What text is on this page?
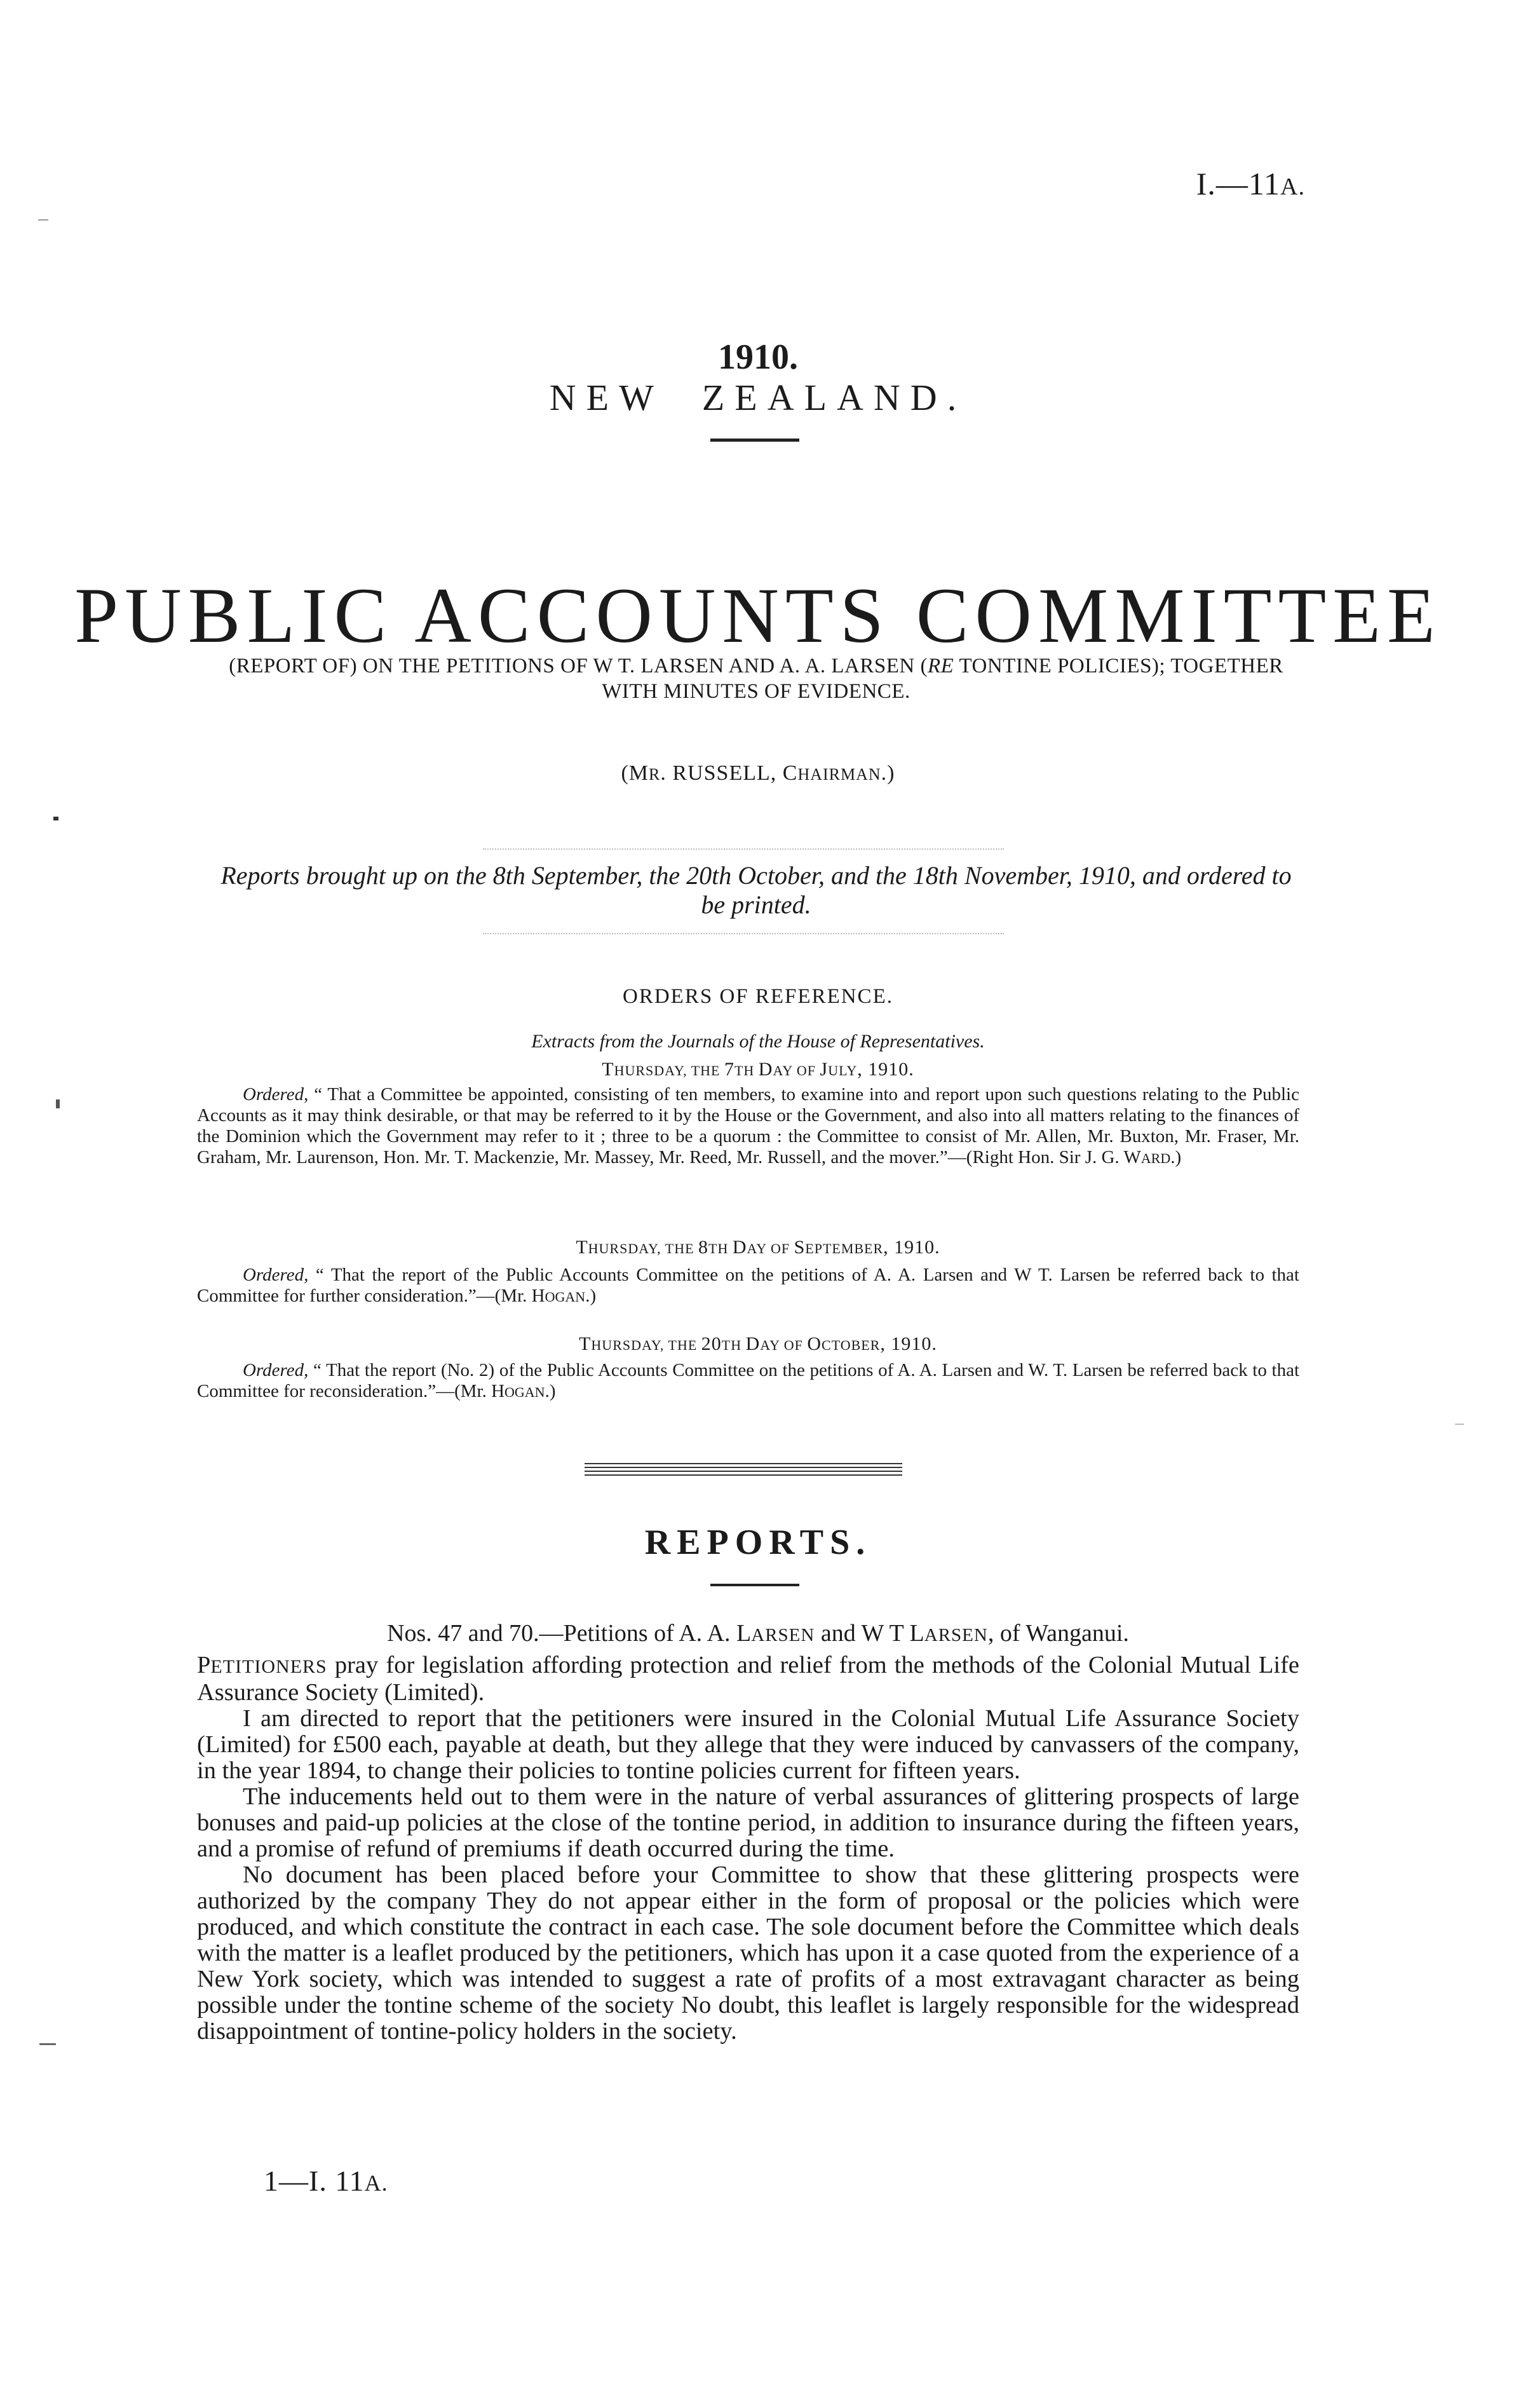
I.—11A.
1910.
NEW ZEALAND.
PUBLIC ACCOUNTS COMMITTEE
(REPORT OF) ON THE PETITIONS OF W T. LARSEN AND A. A. LARSEN (RE TONTINE POLICIES); TOGETHER WITH MINUTES OF EVIDENCE.
(MR. RUSSELL, CHAIRMAN.)
Reports brought up on the 8th September, the 20th October, and the 18th November, 1910, and ordered to be printed.
ORDERS OF REFERENCE.
Extracts from the Journals of the House of Representatives.
THURSDAY, THE 7TH DAY OF JULY, 1910.
Ordered, “ That a Committee be appointed, consisting of ten members, to examine into and report upon such questions relating to the Public Accounts as it may think desirable, or that may be referred to it by the House or the Government, and also into all matters relating to the finances of the Dominion which the Government may refer to it ; three to be a quorum : the Committee to consist of Mr. Allen, Mr. Buxton, Mr. Fraser, Mr. Graham, Mr. Laurenson, Hon. Mr. T. Mackenzie, Mr. Massey, Mr. Reed, Mr. Russell, and the mover.”—(Right Hon. Sir J. G. WARD.)
THURSDAY, THE 8TH DAY OF SEPTEMBER, 1910.
Ordered, “ That the report of the Public Accounts Committee on the petitions of A. A. Larsen and W T. Larsen be referred back to that Committee for further consideration.”—(Mr. HOGAN.)
THURSDAY, THE 20TH DAY OF OCTOBER, 1910.
Ordered, “ That the report (No. 2) of the Public Accounts Committee on the petitions of A. A. Larsen and W. T. Larsen be referred back to that Committee for reconsideration.”—(Mr. HOGAN.)
REPORTS.
Nos. 47 and 70.—Petitions of A. A. LARSEN and W T LARSEN, of Wanganui.

PETITIONERS pray for legislation affording protection and relief from the methods of the Colonial Mutual Life Assurance Society (Limited).

I am directed to report that the petitioners were insured in the Colonial Mutual Life Assurance Society (Limited) for £500 each, payable at death, but they allege that they were induced by canvassers of the company, in the year 1894, to change their policies to tontine policies current for fifteen years.

The inducements held out to them were in the nature of verbal assurances of glittering prospects of large bonuses and paid-up policies at the close of the tontine period, in addition to insurance during the fifteen years, and a promise of refund of premiums if death occurred during the time.

No document has been placed before your Committee to show that these glittering prospects were authorized by the company They do not appear either in the form of proposal or the policies which were produced, and which constitute the contract in each case. The sole document before the Committee which deals with the matter is a leaflet produced by the petitioners, which has upon it a case quoted from the experience of a New York society, which was intended to suggest a rate of profits of a most extravagant character as being possible under the tontine scheme of the society No doubt, this leaflet is largely responsible for the widespread disappointment of tontine-policy holders in the society.

1—I. 11A.
